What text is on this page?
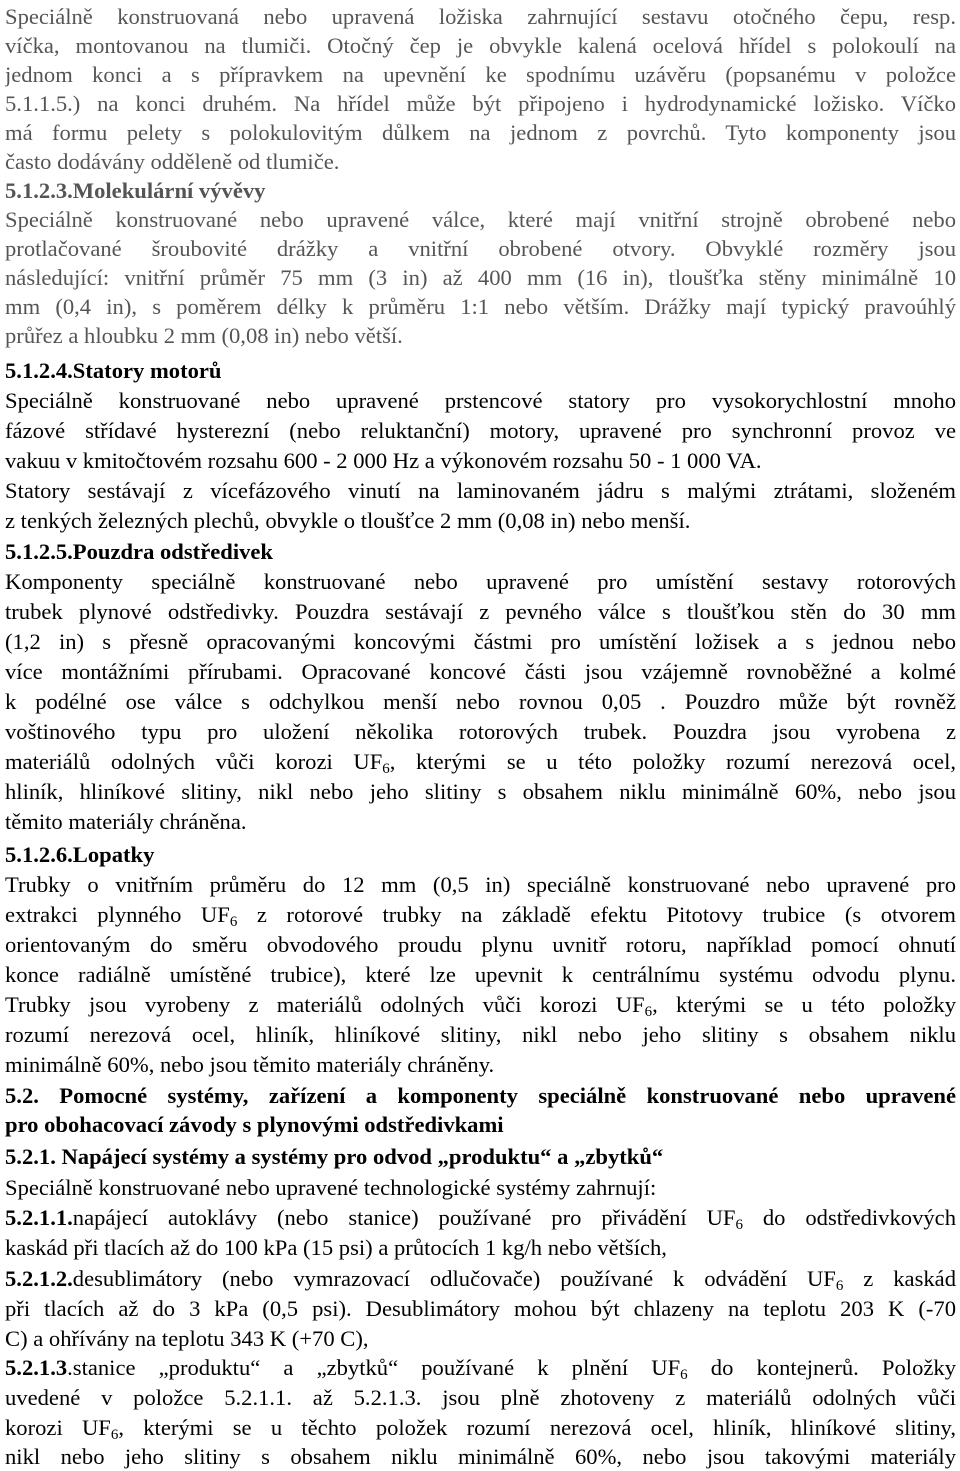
Speciálně konstruovaná nebo upravená ložiska zahrnující sestavu otočného čepu, resp.
víčka, montovanou na tlumiči. Otočný čep je obvykle kalená ocelová hřídel s polokoulí na
jednom konci a s přípravkem na upevnění ke spodnímu uzávěru (popsanému v položce
5.1.1.5.) na konci druhém. Na hřídel může být připojeno i hydrodynamické ložisko. Víčko
má formu pelety s polokulovitým důlkem na jednom z povrchů. Tyto komponenty jsou
často dodávány odděleně od tlumiče.
5.1.2.3.Molekulární vývěvy
Speciálně konstruované nebo upravené válce, které mají vnitřní strojně obrobené nebo
protlačované šroubovité drážky a vnitřní obrobené otvory. Obvyklé rozměry jsou
následující: vnitřní průměr 75 mm (3 in) až 400 mm (16 in), tloušťka stěny minimálně 10
mm (0,4 in), s poměrem délky k průměru 1:1 nebo větším. Drážky mají typický pravoúhlý
průřez a hloubku 2 mm (0,08 in) nebo větší.
5.1.2.4.Statory motorů
Speciálně konstruované nebo upravené prstencové statory pro vysokorychlostní mnoho
fázové střídavé hysterezní (nebo reluktanční) motory, upravené pro synchronní provoz ve
vakuu v kmitočtovém rozsahu 600 - 2 000 Hz a výkonovém rozsahu 50 - 1 000 VA.
Statory sestávají z vícefázového vinutí na laminovaném jádru s malými ztrátami, složeném
z tenkých železných plechů, obvykle o tloušťce 2 mm (0,08 in) nebo menší.
5.1.2.5.Pouzdra odstředivek
Komponenty speciálně konstruované nebo upravené pro umístění sestavy rotorových
trubek plynové odstředivky. Pouzdra sestávají z pevného válce s tloušťkou stěn do 30 mm
(1,2 in) s přesně opracovanými koncovými částmi pro umístění ložisek a s jednou nebo
více montážními přírubami. Opracované koncové části jsou vzájemně rovnoběžné a kolmé
k podélné ose válce s odchylkou menší nebo rovnou 0,05 . Pouzdro může být rovněž
voštinového typu pro uložení několika rotorových trubek. Pouzdra jsou vyrobena z
materiálů odolných vůči korozi $UF_6$, kterými se u této položky rozumí nerezová ocel,
hliník, hliníkové slitiny, nikl nebo jeho slitiny s obsahem niklu minimálně 60%, nebo jsou
těmito materiály chráněna.
5.1.2.6.Lopatky
Trubky o vnitřním průměru do 12 mm (0,5 in) speciálně konstruované nebo upravené pro
extrakci plynného $UF_6$ z rotorové trubky na základě efektu Pitotovy trubice (s otvorem
orientovaným do směru obvodového proudu plynu uvnitř rotoru, například pomocí ohnutí
konce radiálně umístěné trubice), které lze upevnit k centrálnímu systému odvodu plynu.
Trubky jsou vyrobeny z materiálů odolných vůči korozi $UF_6$, kterými se u této položky
rozumí nerezová ocel, hliník, hliníkové slitiny, nikl nebo jeho slitiny s obsahem niklu
minimálně 60%, nebo jsou těmito materiály chráněny.
5.2. Pomocné systémy, zařízení a komponenty speciálně konstruované nebo upravené
pro obohacovací závody s plynovými odstředivkami
5.2.1. Napájecí systémy a systémy pro odvod „produktu“ a „zbytků“
Speciálně konstruované nebo upravené technologické systémy zahrnují:
5.2.1.1.napájecí autoklávy (nebo stanice) používané pro přivádění $UF_6$ do odstředivkových
kaskád při tlacích až do 100 kPa (15 psi) a průtocích 1 kg/h nebo větších,
5.2.1.2.desublimátory (nebo vymrazovací odlučovače) používané k odvádění $UF_6$ z kaskád
při tlacích až do 3 kPa (0,5 psi). Desublimátory mohou být chlazeny na teplotu 203 K (-70
C) a ohřívány na teplotu 343 K (+70 C),
5.2.1.3.stanice „produktu“ a „zbytků“ používané k plnění $UF_6$ do kontejnerů. Položky
uvedené v položce 5.2.1.1. až 5.2.1.3. jsou plně zhotoveny z materiálů odolných vůči
korozi $UF_6$, kterými se u těchto položek rozumí nerezová ocel, hliník, hliníkové slitiny,
nikl nebo jeho slitiny s obsahem niklu minimálně 60%, nebo jsou takovými materiály
